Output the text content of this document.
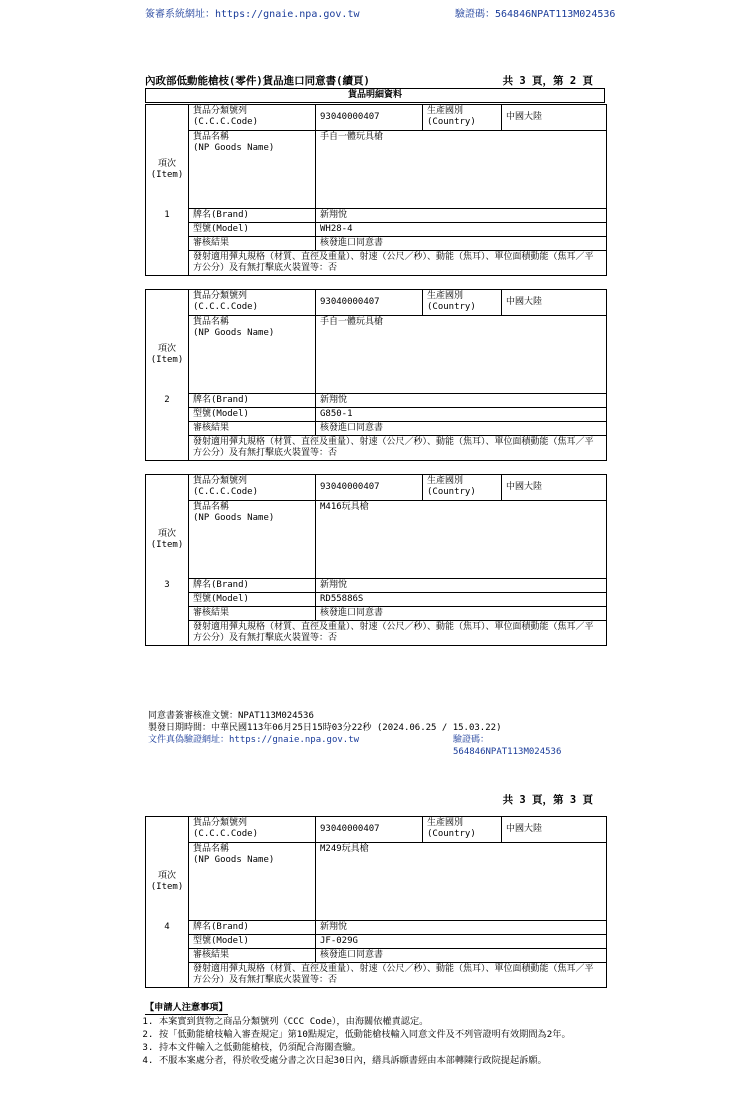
簽審系統網址：https://gnaie.npa.gov.tw	驗證碼：564846NPAT113M024536
內政部低動能槍枝(零件)貨品進口同意書(續頁)	共 3 頁，第 2 頁
貨品明細資料
同意書簽審核准文號：NPAT113M024536
製發日期時間：中華民國113年06月25日15時03分22秒 (2024.06.25 / 15.03.22)
文件真偽驗證網址：https://gnaie.npa.gov.tw	驗證碼：564846NPAT113M024536
共 3 頁，第 3 頁
【申請人注意事項】
1. 本案實到貨物之商品分類號列（CCC Code），由海關依權責認定。
2. 按「低動能槍枝輸入審查規定」第10點規定，低動能槍枝輸入同意文件及不列管證明有效期間為2年。
3. 持本文件輸入之低動能槍枝，仍須配合海關查驗。
4. 不服本案處分者，得於收受處分書之次日起30日內，繕具訴願書經由本部轉陳行政院提起訴願。
	貨品分類號列
(C.C.C.Code)	93040000407	生產國別
(Country)	中國大陸
項次
(Item)	貨品名稱
(NP Goods Name)	手自一體玩具槍		
1	牌名(Brand)	新翔悅		
	型號(Model)	WH28-4		
	審核結果	核發進口同意書		
	發射適用彈丸規格（材質、直徑及重量）、射速（公尺／秒）、動能（焦耳）、單位面積動能（焦耳／平方公分）及有無打擊底火裝置等：否			
	貨品分類號列
(C.C.C.Code)	93040000407	生產國別
(Country)	中國大陸
項次
(Item)	貨品名稱
(NP Goods Name)	手自一體玩具槍		
2	牌名(Brand)	新翔悅		
	型號(Model)	G850-1		
	審核結果	核發進口同意書		
	發射適用彈丸規格（材質、直徑及重量）、射速（公尺／秒）、動能（焦耳）、單位面積動能（焦耳／平方公分）及有無打擊底火裝置等：否			
	貨品分類號列
(C.C.C.Code)	93040000407	生產國別
(Country)	中國大陸
項次
(Item)	貨品名稱
(NP Goods Name)	M416玩具槍		
3	牌名(Brand)	新翔悅		
	型號(Model)	RD55886S		
	審核結果	核發進口同意書		
	發射適用彈丸規格（材質、直徑及重量）、射速（公尺／秒）、動能（焦耳）、單位面積動能（焦耳／平方公分）及有無打擊底火裝置等：否			
	貨品分類號列
(C.C.C.Code)	93040000407	生產國別
(Country)	中國大陸
項次
(Item)	貨品名稱
(NP Goods Name)	M249玩具槍		
4	牌名(Brand)	新翔悅		
	型號(Model)	JF-029G		
	審核結果	核發進口同意書		
	發射適用彈丸規格（材質、直徑及重量）、射速（公尺／秒）、動能（焦耳）、單位面積動能（焦耳／平方公分）及有無打擊底火裝置等：否			
